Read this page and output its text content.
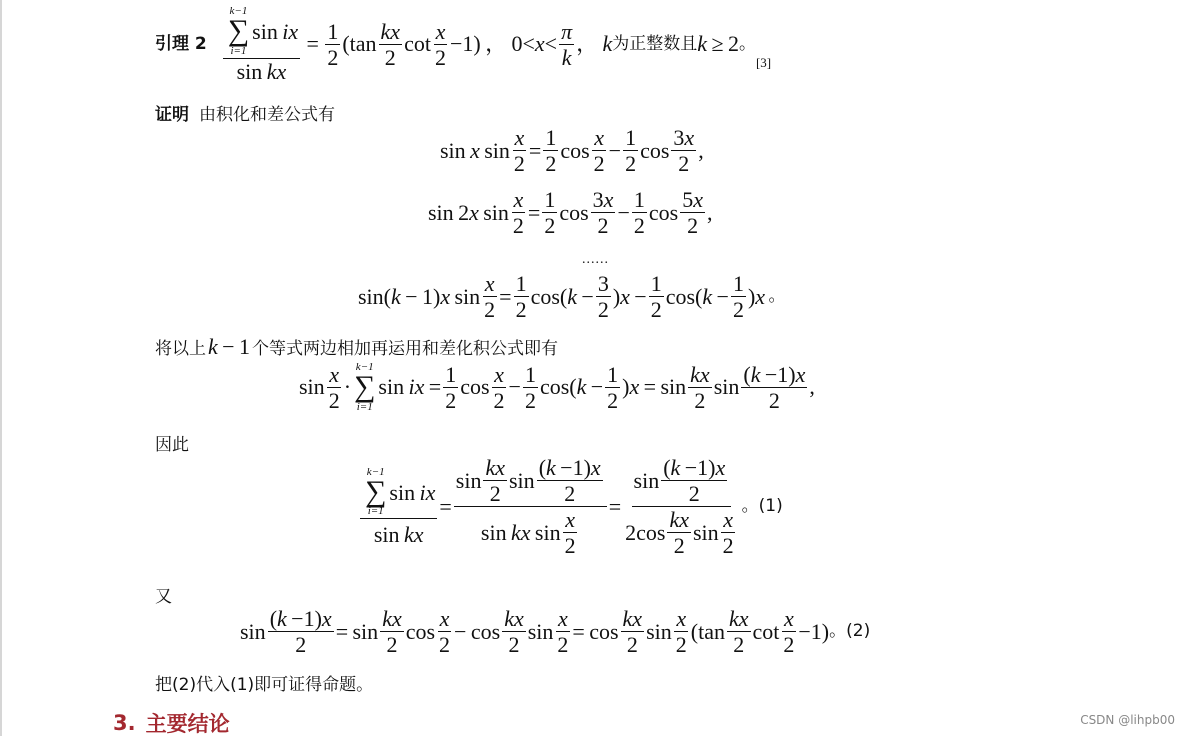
引理 2 k−1
∑
i=1
sin  ix
sin kx  =  $\frac{1}{2} (\tan \frac{kx}{2}$ $\cot \frac{x}{2} -1$) ， $0<x< \frac{\pi}{k}$ ， k 为正整数且 k ≥ 2 。
[3]
证明 由积化和差公式有
sin x $\sin \frac{x}{2} = \frac{1}{2}$ $\cos \frac{x}{2} - \frac{1}{2}$ $\cos \frac{3x}{2}$ ,
sin 2x $\sin \frac{x}{2} = \frac{1}{2}$ $\cos \frac{3x}{2} - \frac{1}{2}$ $\cos \frac{5x}{2}$ ,
......
sin(k − 1)x $\sin \frac{x}{2} = \frac{1}{2} \cos(k - \frac{3}{2} )x - \frac{1}{2} \cos(k - \frac{1}{2} )x$  。
将以上 k − 1 个等式两边相加再运用和差化积公式即有
$\sin \frac{x}{2}$ ·
k−1
∑
i=1
sin ix = $\frac{1}{2}$ $\cos \frac{x}{2} - \frac{1}{2} \cos(k - \frac{1}{2} )x = \sin \frac{kx}{2}$ $\sin \frac{(k -1)x}{2}$ ,
因此
k−1
∑
i=1
sin  ix
sin kx = $\frac{\sin \frac{kx}{2} \sin \frac{(k -1)x}{2}}{\sin kx \sin \frac{x}{2}} = \frac{\sin \frac{(k -1)x}{2}}{2\cos \frac{kx}{2} \sin \frac{x}{2}}$ 。(1)
又
$\sin \frac{(k -1)x}{2} = \sin \frac{kx}{2}$ $\cos \frac{x}{2} - \cos \frac{kx}{2}$ $\sin \frac{x}{2} = \cos \frac{kx}{2}$ $\sin \frac{x}{2} (\tan \frac{kx}{2}$ $\cot \frac{x}{2} -1$) 。(2)
把(2)代入(1)即可证得命题。
3. 主要结论	CSDN @lihpb00
